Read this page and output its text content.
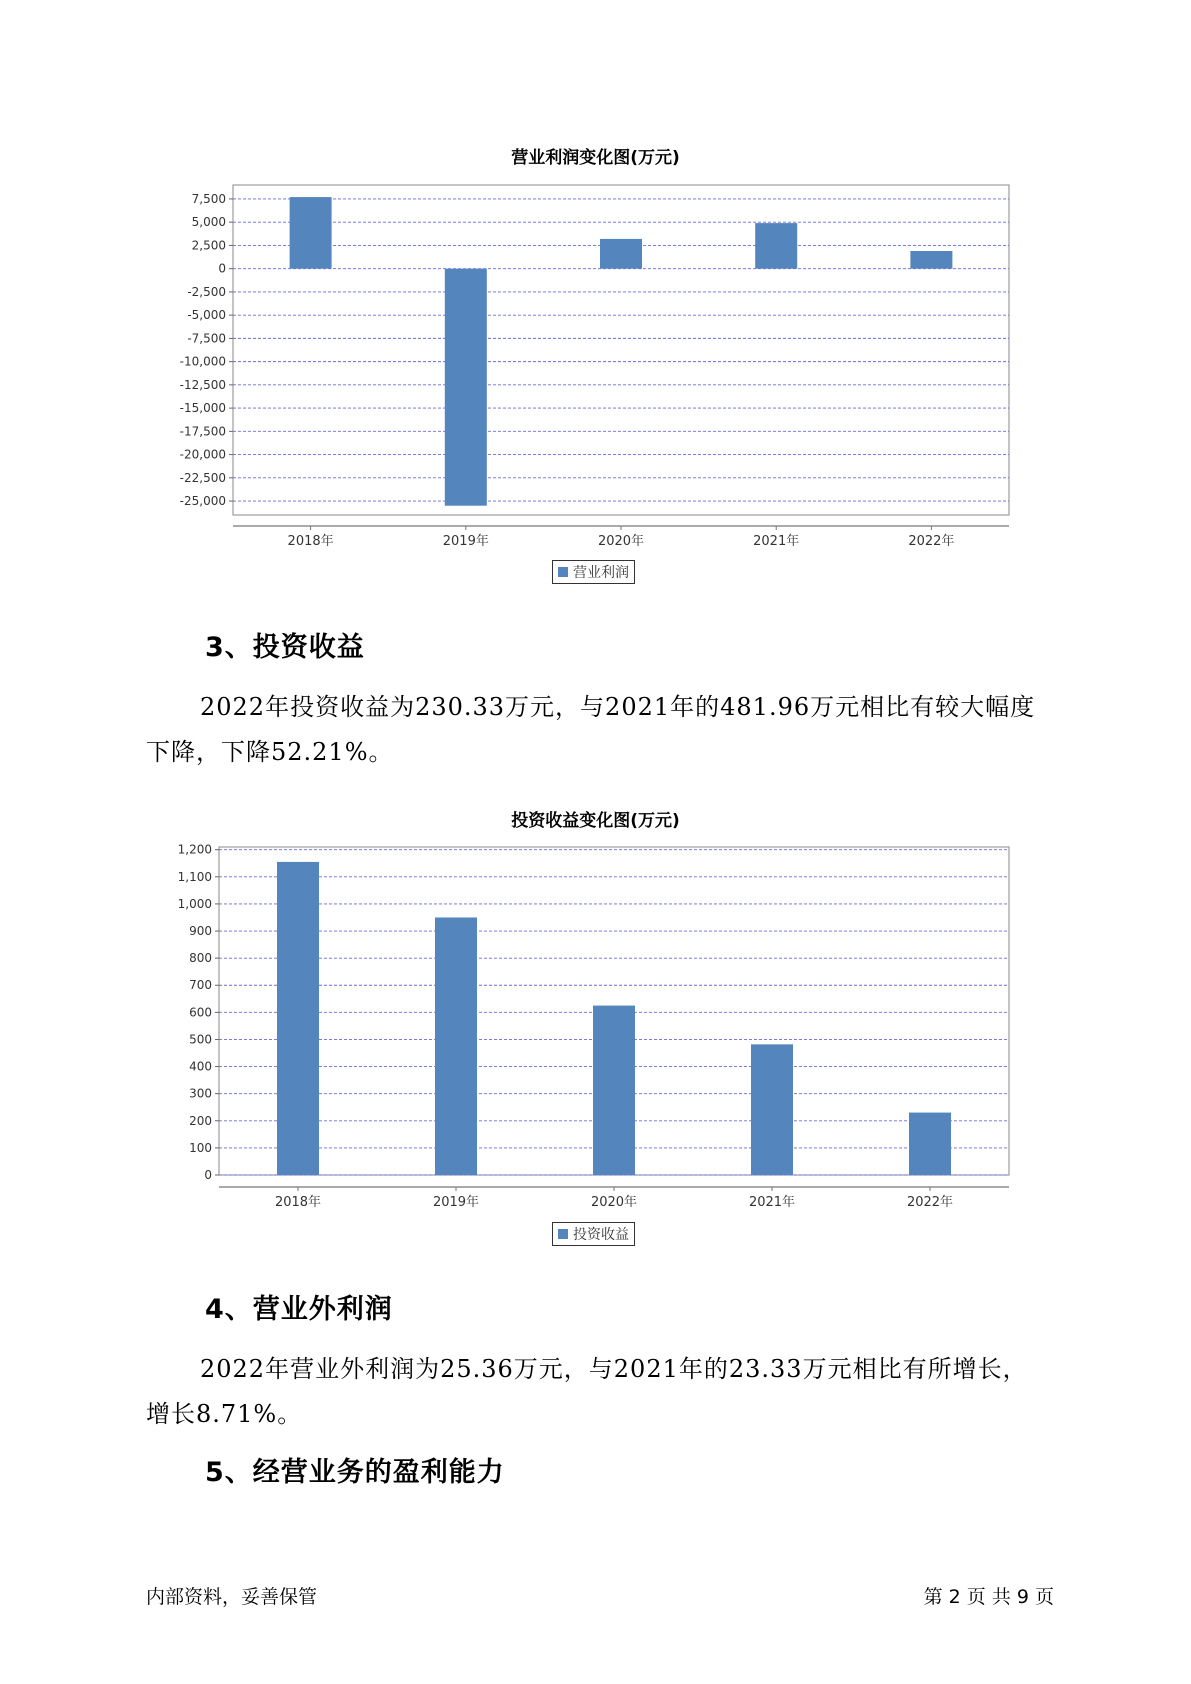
营业利润变化图(万元)
7,500
5,000
2,500
0
-2,500
-5,000
-7,500
-10,000
-12,500
-15,000
-17,500
-20,000
-22,500
-25,000
2018年	2019年	2020年	2021年	2022年
营业利润
3、投资收益
2022年投资收益为230.33万元，与2021年的481.96万元相比有较大幅度下降，下降52.21%。
投资收益变化图(万元)
1,200
1,100
1,000
900
800
700
600
500
400
300
200
100
0
2018年	2019年	2020年	2021年	2022年
投资收益
4、营业外利润
2022年营业外利润为25.36万元，与2021年的23.33万元相比有所增长，增长8.71%。
5、经营业务的盈利能力
内部资料，妥善保管	第 2 页 共 9 页
